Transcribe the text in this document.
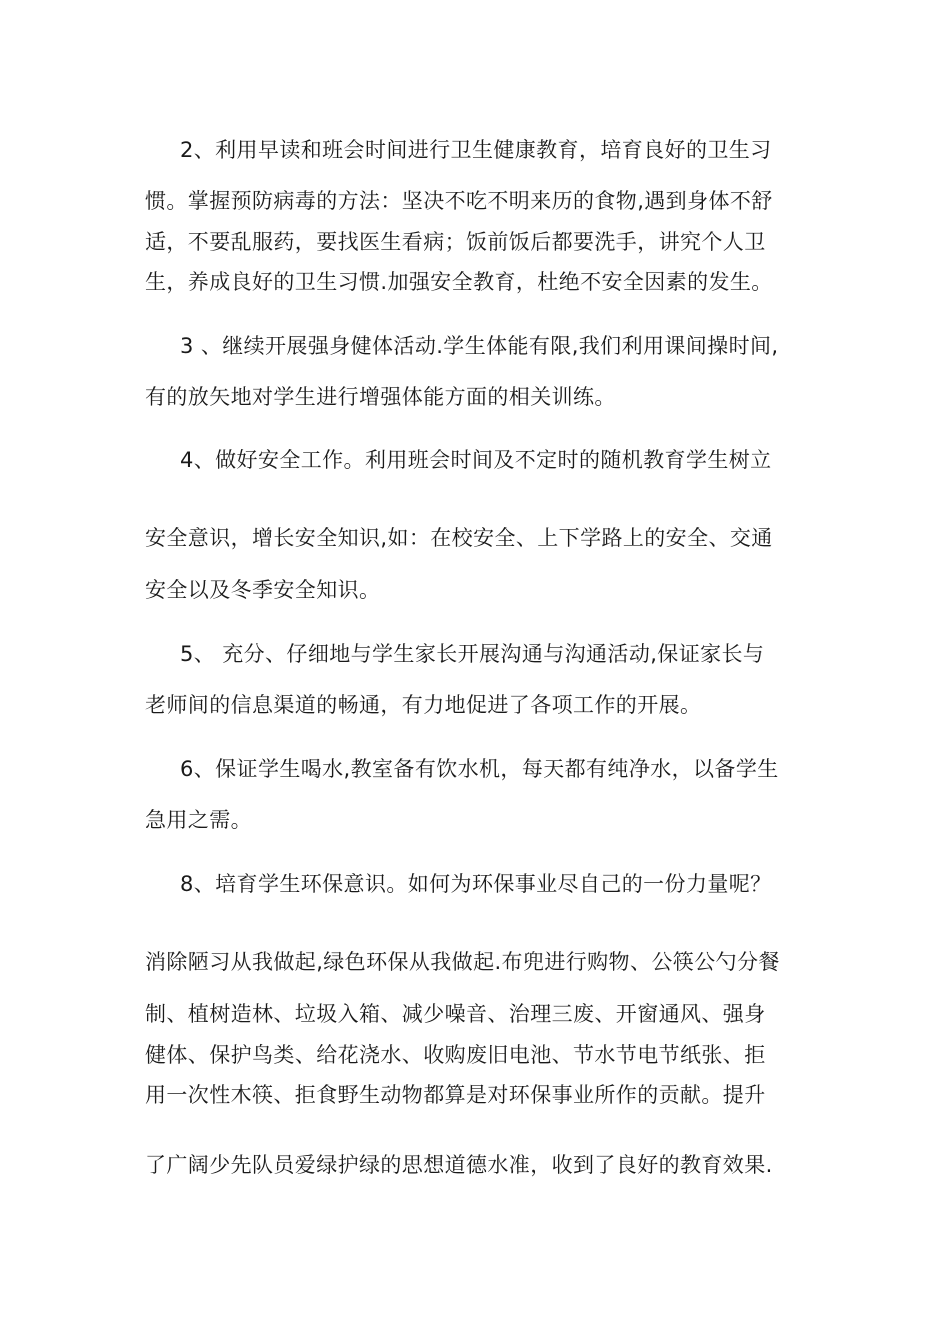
2、利用早读和班会时间进行卫生健康教育，培育良好的卫生习
惯。掌握预防病毒的方法：坚决不吃不明来历的食物,遇到身体不舒
适，不要乱服药，要找医生看病；饭前饭后都要洗手，讲究个人卫
生，养成良好的卫生习惯.加强安全教育，杜绝不安全因素的发生。
3 、继续开展强身健体活动.学生体能有限,我们利用课间操时间,
有的放矢地对学生进行增强体能方面的相关训练。
4、做好安全工作。利用班会时间及不定时的随机教育学生树立
安全意识，增长安全知识,如：在校安全、上下学路上的安全、交通
安全以及冬季安全知识。
5、 充分、仔细地与学生家长开展沟通与沟通活动,保证家长与
老师间的信息渠道的畅通，有力地促进了各项工作的开展。
6、保证学生喝水,教室备有饮水机，每天都有纯净水，以备学生
急用之需。
8、培育学生环保意识。如何为环保事业尽自己的一份力量呢？
消除陋习从我做起,绿色环保从我做起.布兜进行购物、公筷公勺分餐
制、植树造林、垃圾入箱、减少噪音、治理三废、开窗通风、强身
健体、保护鸟类、给花浇水、收购废旧电池、节水节电节纸张、拒
用一次性木筷、拒食野生动物都算是对环保事业所作的贡献。提升
了广阔少先队员爱绿护绿的思想道德水准，收到了良好的教育效果.
